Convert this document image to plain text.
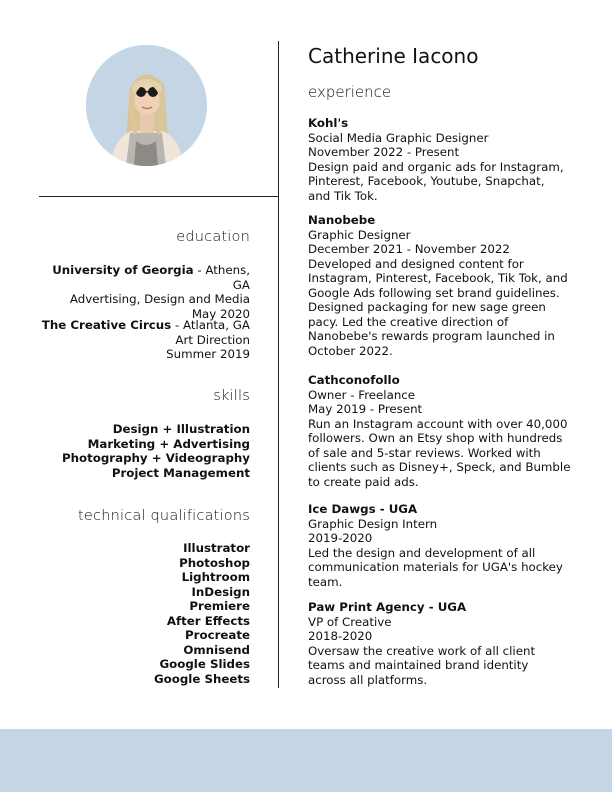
education
University of Georgia - Athens, GA
Advertising, Design and Media
May 2020
The Creative Circus - Atlanta, GA
Art Direction
Summer 2019
skills
Design + Illustration
Marketing + Advertising
Photography + Videography
Project Management
technical qualifications
Illustrator
Photoshop
Lightroom
InDesign
Premiere
After Effects
Procreate
Omnisend
Google Slides
Google Sheets
Catherine Iacono
experience
Kohl's
Social Media Graphic Designer
November 2022 - Present
Design paid and organic ads for Instagram,
Pinterest, Facebook, Youtube, Snapchat,
and Tik Tok.
Nanobebe
Graphic Designer
December 2021 - November 2022
Developed and designed content for
Instagram, Pinterest, Facebook, Tik Tok, and
Google Ads following set brand guidelines.
Designed packaging for new sage green
pacy. Led the creative direction of
Nanobebe's rewards program launched in
October 2022.
Cathconofollo
Owner - Freelance
May 2019 - Present
Run an Instagram account with over 40,000
followers. Own an Etsy shop with hundreds
of sale and 5-star reviews. Worked with
clients such as Disney+, Speck, and Bumble
to create paid ads.
Ice Dawgs - UGA
Graphic Design Intern
2019-2020
Led the design and development of all
communication materials for UGA's hockey
team.
Paw Print Agency - UGA
VP of Creative
2018-2020
Oversaw the creative work of all client
teams and maintained brand identity
across all platforms.
